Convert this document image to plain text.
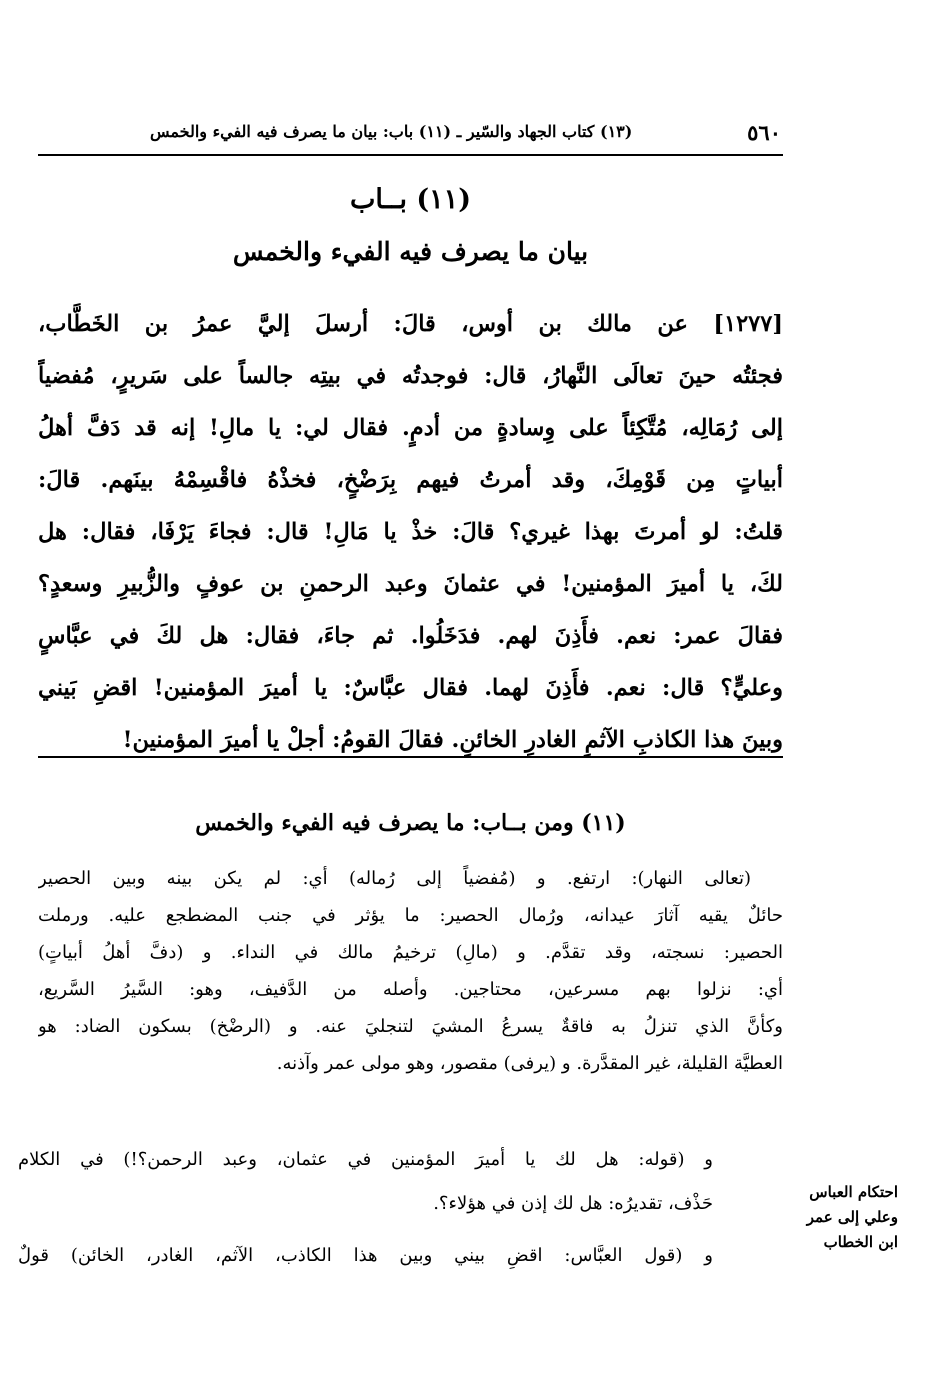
٥٦٠
(١٣) كتاب الجهاد والسّير ـ (١١) باب: بيان ما يصرف فيه الفيء والخمس
(١١) بــاب
بيان ما يصرف فيه الفيء والخمس
[١٢٧٧] عن مالك بن أوس، قالَ: أرسلَ إليَّ عمرُ بن الخَطَّاب،
فجئتُه حينَ تعالَى النَّهارُ، قال: فوجدتُه في بيتِه جالساً على سَريرٍ، مُفضياً
إلى رُمَالِه، مُتَّكِئاً على وِسادةٍ من أدمٍ. فقال لي: يا مالِ! إنه قد دَفَّ أهلُ
أبياتٍ مِن قَوْمِكَ، وقد أمرتُ فيهم بِرَضْخٍ، فخذْهُ فاقْسِمْهُ بينَهم. قالَ:
قلتُ: لو أمرتَ بهذا غيري؟ قالَ: خذْ يا مَالِ! قال: فجاءَ يَرْفَا، فقال: هل
لكَ، يا أميرَ المؤمنين! في عثمانَ وعبد الرحمنِ بن عوفٍ والزُّبيرِ وسعدٍ؟
فقالَ عمر: نعم. فأَذِنَ لهم. فدَخَلُوا. ثم جاءَ، فقال: هل لكَ في عبَّاسٍ
وعليٍّ؟ قال: نعم. فأَذِنَ لهما. فقال عبَّاسٌ: يا أميرَ المؤمنين! اقضِ بَيني
وبينَ هذا الكاذبِ الآثمِ الغادرِ الخائنِ. فقالَ القومُ: أجلْ يا أميرَ المؤمنين!
(١١) ومن بــاب: ما يصرف فيه الفيء والخمس
(تعالى النهار): ارتفع. و (مُفضياً إلى رُماله) أي: لم يكن بينه وبين الحصير
حائلٌ يقيه آثارَ عيدانه، ورُمال الحصير: ما يؤثر في جنب المضطجع عليه. ورملت
الحصير: نسجته، وقد تقدَّم. و (مالِ) ترخيمُ مالك في النداء. و (دفَّ أهلُ أبياتٍ)
أي: نزلوا بهم مسرعين، محتاجين. وأصله من الدَّفيف، وهو: السَّيرُ السَّريع،
وكأنَّ الذي تنزلُ به فاقةٌ يسرعُ المشيَ لتنجليَ عنه. و (الرضْخ) بسكون الضاد: هو
العطيَّة القليلة، غير المقدَّرة. و (يرفى) مقصور، وهو مولى عمر وآذنه.
و (قوله: هل لك يا أميرَ المؤمنين في عثمان، وعبد الرحمن؟!) في الكلام
حَذْف، تقديرُه: هل لك إذن في هؤلاء؟.
و (قول العبَّاس: اقضِ بيني وبين هذا الكاذب، الآثم، الغادر، الخائن) قولٌ
احتكام العباس
وعلي إلى عمر
ابن الخطاب
